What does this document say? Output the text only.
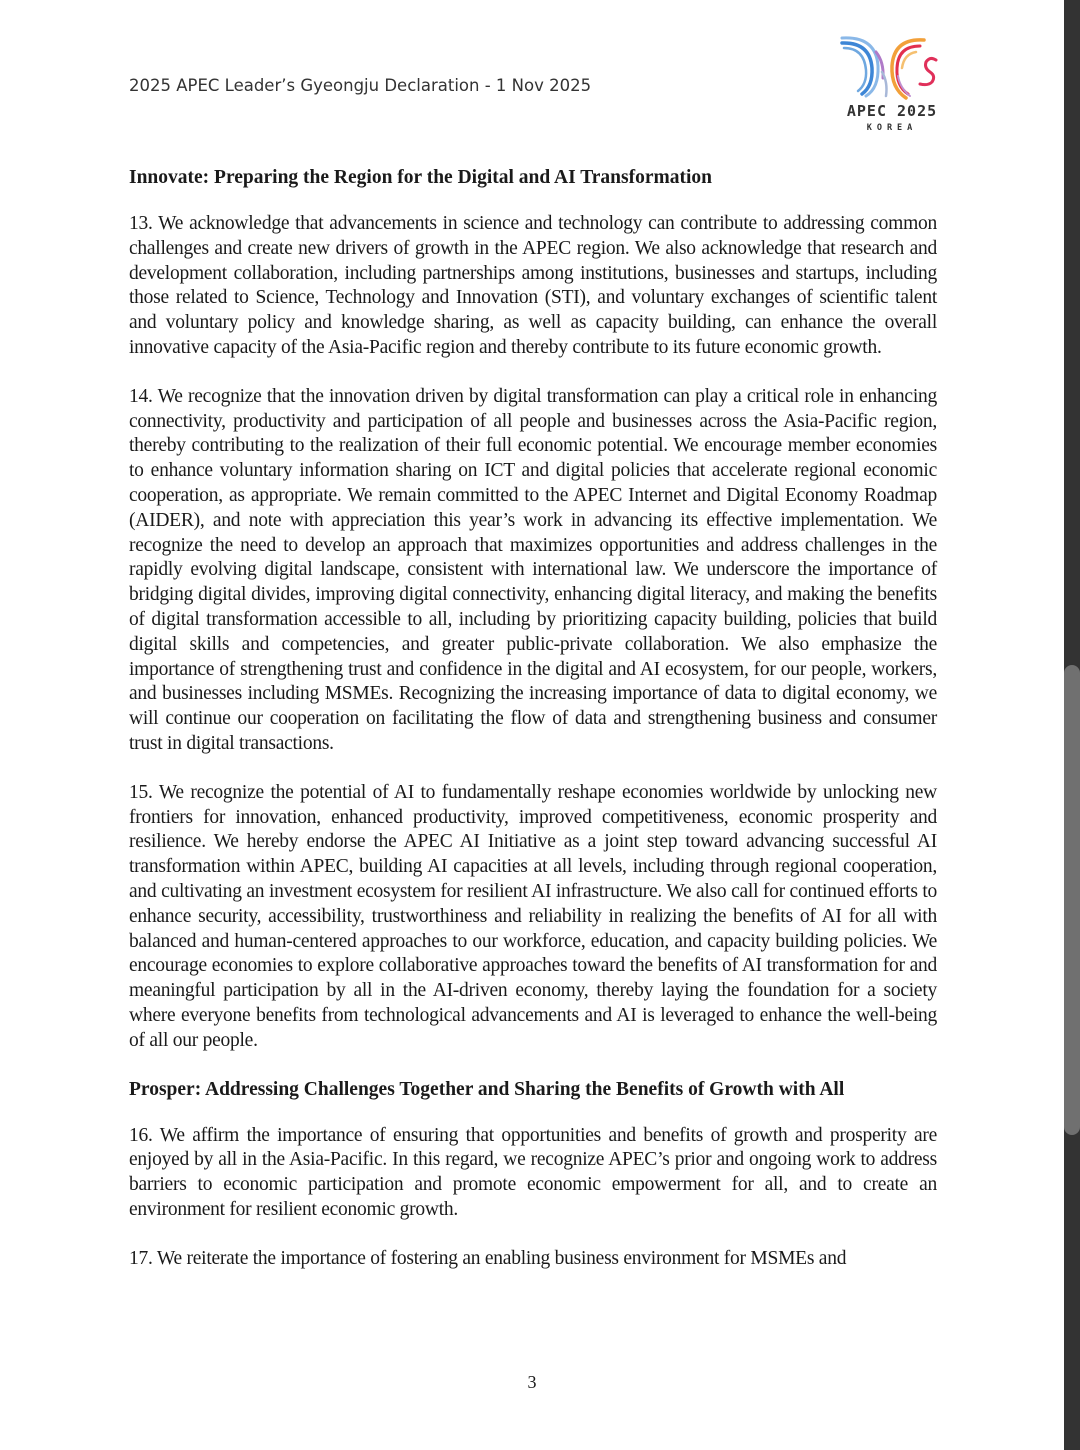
2025 APEC Leader’s Gyeongju Declaration - 1 Nov 2025
APEC 2025
KOREA
Innovate: Preparing the Region for the Digital and AI Transformation

13. We acknowledge that advancements in science and technology can contribute to addressing common challenges and create new drivers of growth in the APEC region. We also acknowledge that research and development collaboration, including partnerships among institutions, businesses and startups, including those related to Science, Technology and Innovation (STI), and voluntary exchanges of scientific talent and voluntary policy and knowledge sharing, as well as capacity building, can enhance the overall innovative capacity of the Asia-Pacific region and thereby contribute to its future economic growth.

14. We recognize that the innovation driven by digital transformation can play a critical role in enhancing connectivity, productivity and participation of all people and businesses across the Asia-Pacific region, thereby contributing to the realization of their full economic potential. We encourage member economies to enhance voluntary information sharing on ICT and digital policies that accelerate regional economic cooperation, as appropriate. We remain committed to the APEC Internet and Digital Economy Roadmap (AIDER), and note with appreciation this year’s work in advancing its effective implementation. We recognize the need to develop an approach that maximizes opportunities and address challenges in the rapidly evolving digital landscape, consistent with international law. We underscore the importance of bridging digital divides, improving digital connectivity, enhancing digital literacy, and making the benefits of digital transformation accessible to all, including by prioritizing capacity building, policies that build digital skills and competencies, and greater public-private collaboration. We also emphasize the importance of strengthening trust and confidence in the digital and AI ecosystem, for our people, workers, and businesses including MSMEs. Recognizing the increasing importance of data to digital economy, we will continue our cooperation on facilitating the flow of data and strengthening business and consumer trust in digital transactions.

15. We recognize the potential of AI to fundamentally reshape economies worldwide by unlocking new frontiers for innovation, enhanced productivity, improved competitiveness, economic prosperity and resilience. We hereby endorse the APEC AI Initiative as a joint step toward advancing successful AI transformation within APEC, building AI capacities at all levels, including through regional cooperation, and cultivating an investment ecosystem for resilient AI infrastructure. We also call for continued efforts to enhance security, accessibility, trustworthiness and reliability in realizing the benefits of AI for all with balanced and human-centered approaches to our workforce, education, and capacity building policies. We encourage economies to explore collaborative approaches toward the benefits of AI transformation for and meaningful participation by all in the AI-driven economy, thereby laying the foundation for a society where everyone benefits from technological advancements and AI is leveraged to enhance the well-being of all our people.

Prosper: Addressing Challenges Together and Sharing the Benefits of Growth with All

16. We affirm the importance of ensuring that opportunities and benefits of growth and prosperity are enjoyed by all in the Asia-Pacific. In this regard, we recognize APEC’s prior and ongoing work to address barriers to economic participation and promote economic empowerment for all, and to create an environment for resilient economic growth.

17. We reiterate the importance of fostering an enabling business environment for MSMEs and

3
